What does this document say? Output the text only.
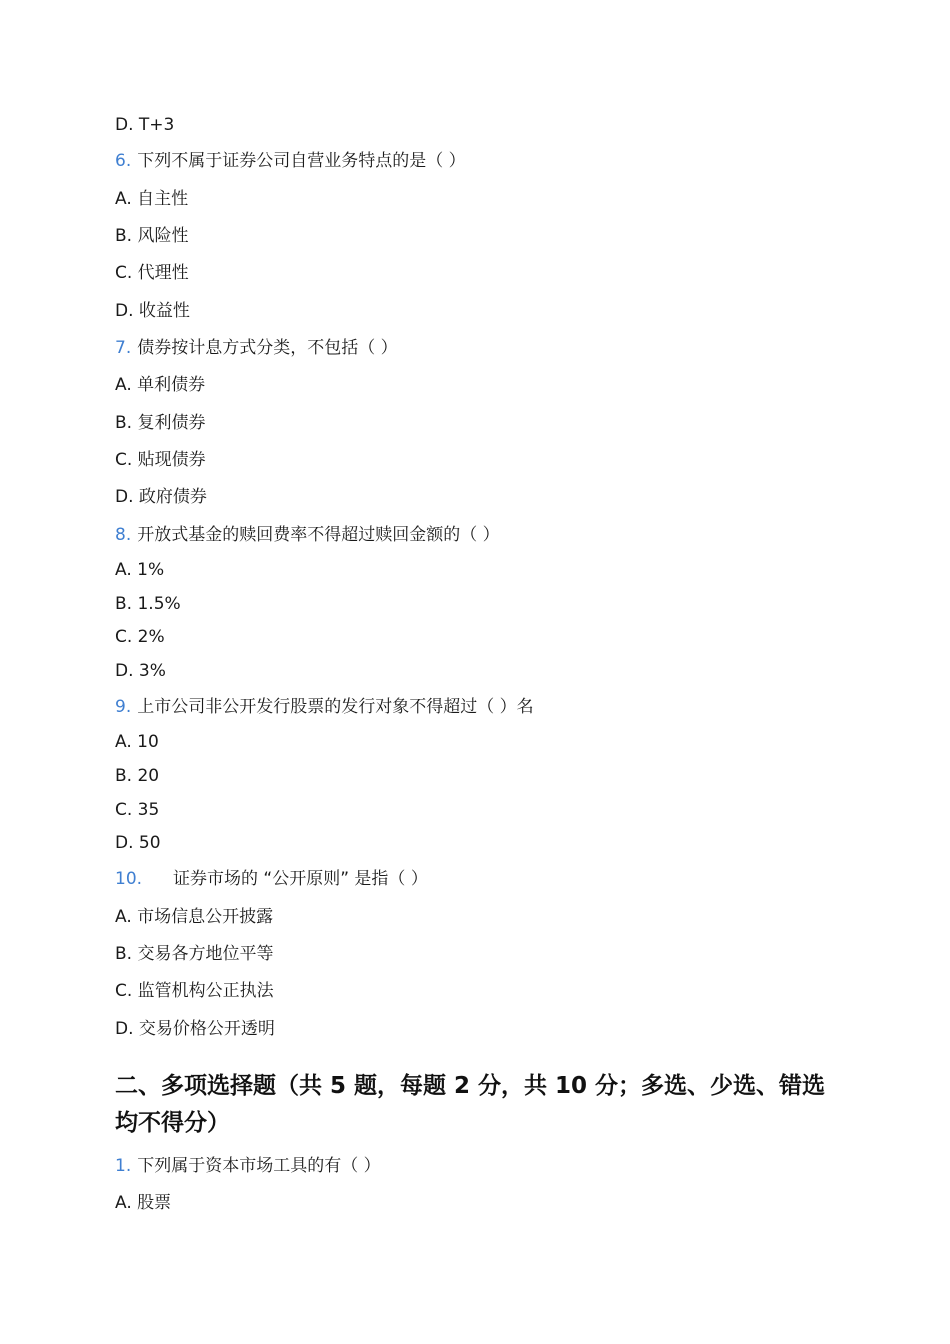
D. T+3
6. 下列不属于证券公司自营业务特点的是（ ）
A. 自主性
B. 风险性
C. 代理性
D. 收益性
7. 债券按计息方式分类，不包括（ ）
A. 单利债券
B. 复利债券
C. 贴现债券
D. 政府债券
8. 开放式基金的赎回费率不得超过赎回金额的（ ）
A. 1%
B. 1.5%
C. 2%
D. 3%
9. 上市公司非公开发行股票的发行对象不得超过（ ）名
A. 10
B. 20
C. 35
D. 50
10. 证券市场的 “公开原则” 是指（ ）
A. 市场信息公开披露
B. 交易各方地位平等
C. 监管机构公正执法
D. 交易价格公开透明
二、多项选择题（共 5 题，每题 2 分，共 10 分；多选、少选、错选均不得分）
1. 下列属于资本市场工具的有（ ）
A. 股票
